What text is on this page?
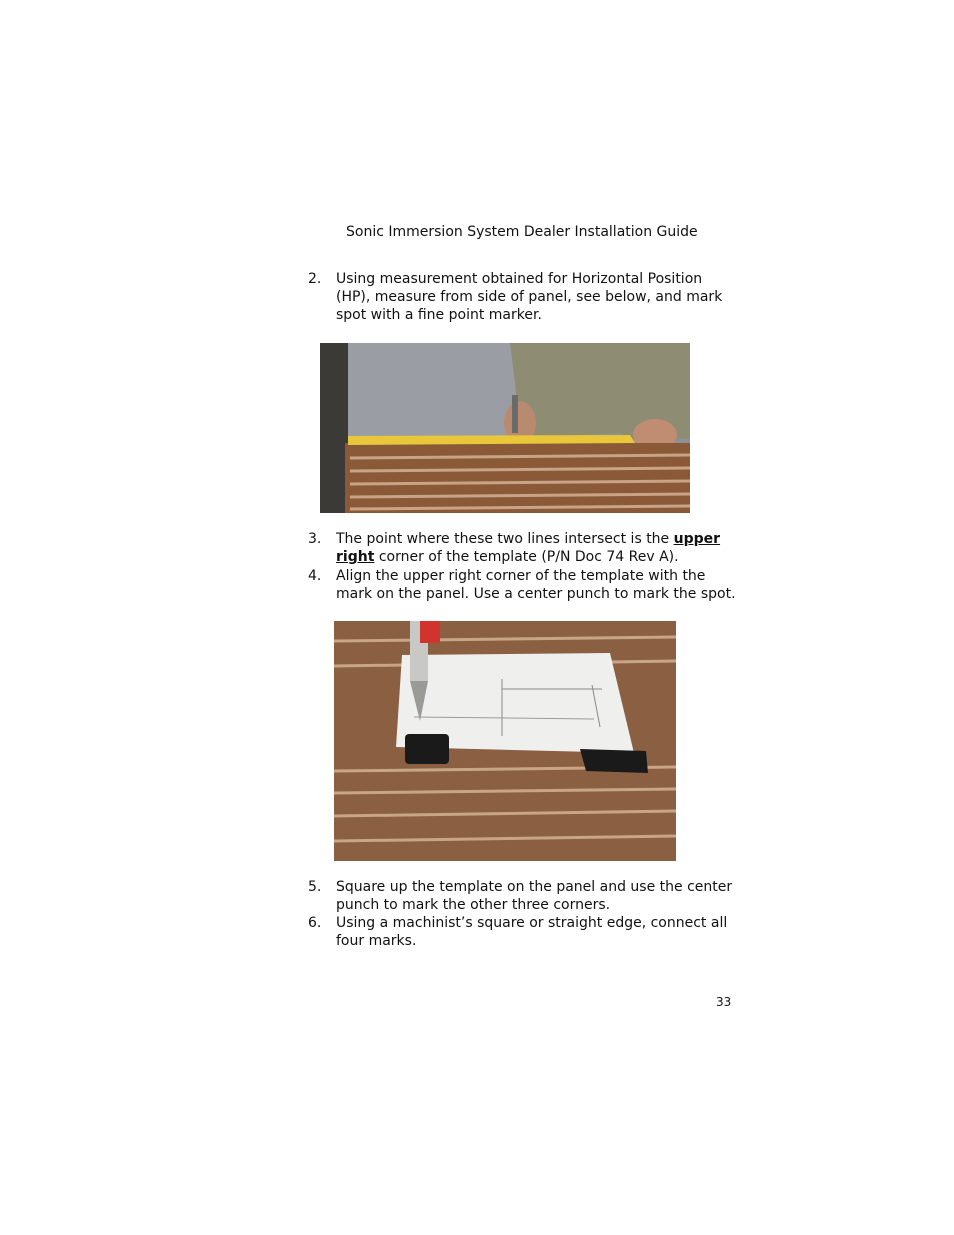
Sonic Immersion System Dealer Installation Guide
2. Using measurement obtained for Horizontal Position (HP), measure from side of panel, see below, and mark spot with a fine point marker.
3. The point where these two lines intersect is the upper right corner of the template (P/N Doc 74 Rev A).
4. Align the upper right corner of the template with the mark on the panel. Use a center punch to mark the spot.
5. Square up the template on the panel and use the center punch to mark the other three corners.
6. Using a machinist’s square or straight edge, connect all four marks.
33
